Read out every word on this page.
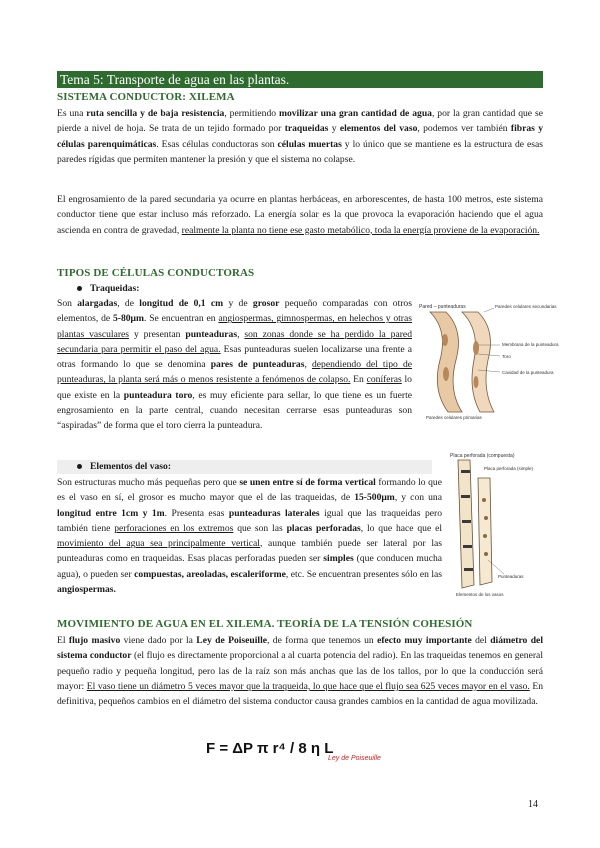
Tema 5: Transporte de agua en las plantas.
SISTEMA CONDUCTOR: XILEMA
Es una ruta sencilla y de baja resistencia, permitiendo movilizar una gran cantidad de agua, por la gran cantidad que se pierde a nivel de hoja. Se trata de un tejido formado por traqueidas y elementos del vaso, podemos ver también fibras y células parenquimáticas. Esas células conductoras son células muertas y lo único que se mantiene es la estructura de esas paredes rígidas que permiten mantener la presión y que el sistema no colapse.
El engrosamiento de la pared secundaria ya ocurre en plantas herbáceas, en arborescentes, de hasta 100 metros, este sistema conductor tiene que estar incluso más reforzado. La energía solar es la que provoca la evaporación haciendo que el agua ascienda en contra de gravedad, realmente la planta no tiene ese gasto metabólico, toda la energía proviene de la evaporación.
TIPOS DE CÉLULAS CONDUCTORAS
Traqueidas:
Son alargadas, de longitud de 0,1 cm y de grosor pequeño comparadas con otros elementos, de 5-80μm. Se encuentran en angiospermas, gimnospermas, en helechos y otras plantas vasculares y presentan punteaduras, son zonas donde se ha perdido la pared secundaria para permitir el paso del agua. Esas punteaduras suelen localizarse una frente a otras formando lo que se denomina pares de punteaduras, dependiendo del tipo de punteaduras, la planta será más o menos resistente a fenómenos de colapso. En coníferas lo que existe en la punteadura toro, es muy eficiente para sellar, lo que tiene es un fuerte engrosamiento en la parte central, cuando necesitan cerrarse esas punteaduras son “aspiradas” de forma que el toro cierra la punteadura.
Pared – punteaduras	Paredes celulares secundarias
Membrana de la punteadura
Toro
Cavidad de la punteadura
Paredes celulares primarias
Elementos del vaso:
Son estructuras mucho más pequeñas pero que se unen entre sí de forma vertical formando lo que es el vaso en sí, el grosor es mucho mayor que el de las traqueidas, de 15-500μm, y con una longitud entre 1cm y 1m. Presenta esas punteaduras laterales igual que las traqueidas pero también tiene perforaciones en los extremos que son las placas perforadas, lo que hace que el movimiento del agua sea principalmente vertical, aunque también puede ser lateral por las punteaduras como en traqueidas. Esas placas perforadas pueden ser simples (que conducen mucha agua), o pueden ser compuestas, areoladas, escaleriforme, etc. Se encuentran presentes sólo en las angiospermas.
Placa perforada (compuesta)
Placa perforada (simple)
Punteaduras
Elementos de los vasos
MOVIMIENTO DE AGUA EN EL XILEMA. TEORÍA DE LA TENSIÓN COHESIÓN
El flujo masivo viene dado por la Ley de Poiseuille, de forma que tenemos un efecto muy importante del diámetro del sistema conductor (el flujo es directamente proporcional a al cuarta potencia del radio). En las traqueidas tenemos en general pequeño radio y pequeña longitud, pero las de la raíz son más anchas que las de los tallos, por lo que la conducción será mayor: El vaso tiene un diámetro 5 veces mayor que la traqueida, lo que hace que el flujo sea 625 veces mayor en el vaso. En definitiva, pequeños cambios en el diámetro del sistema conductor causa grandes cambios en la cantidad de agua movilizada.
F = ΔP π r⁴ / 8 η L
Ley de Poiseuille
14
